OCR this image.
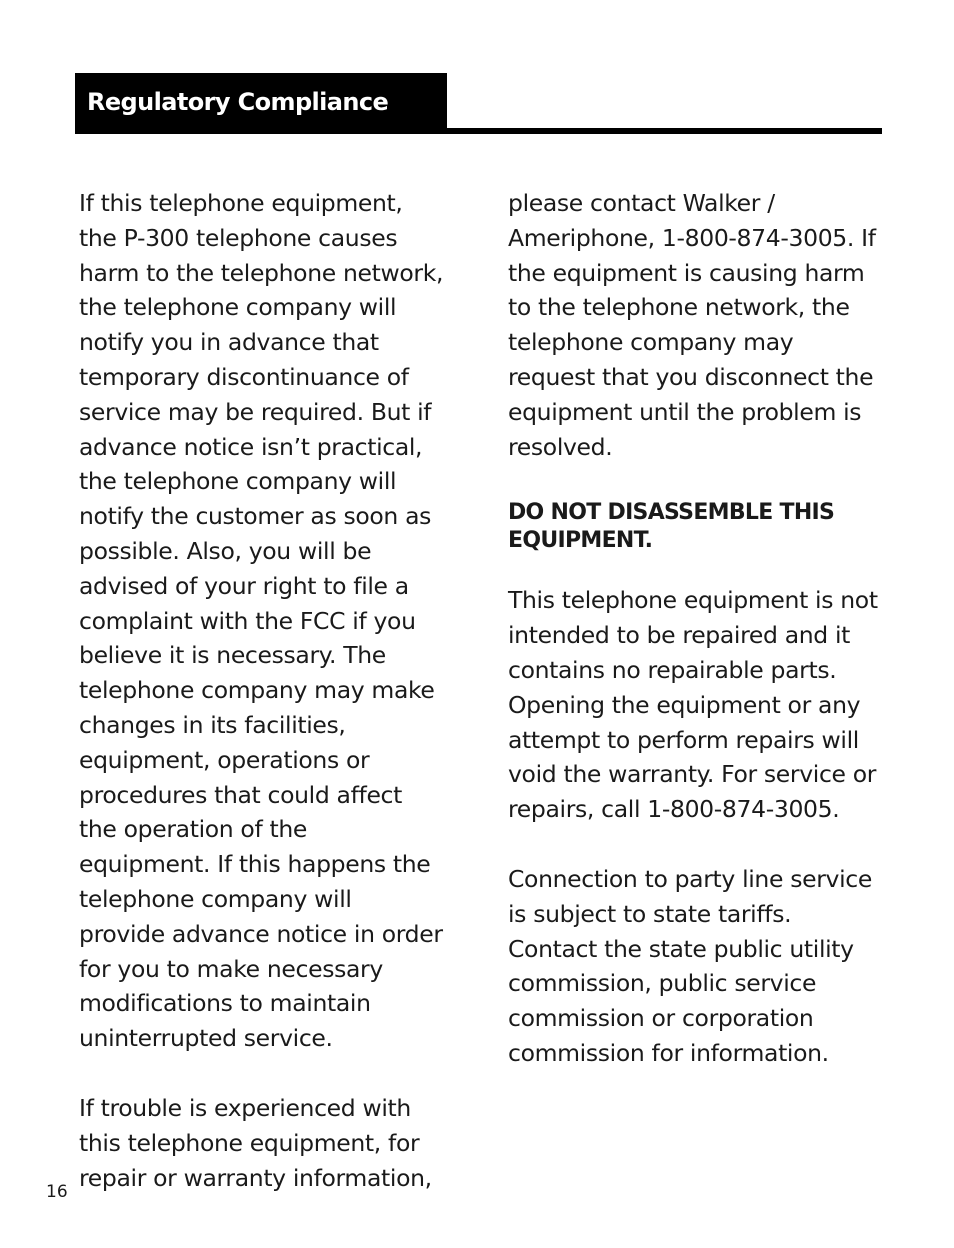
Regulatory Compliance

If this telephone equipment, the P-300 telephone causes harm to the telephone network, the telephone company will notify you in advance that temporary discontinuance of service may be required. But if advance notice isn’t practical, the telephone company will notify the customer as soon as possible. Also, you will be advised of your right to file a complaint with the FCC if you believe it is necessary. The telephone company may make changes in its facilities, equipment, operations or procedures that could affect the operation of the equipment. If this happens the telephone company will provide advance notice in order for you to make necessary modifications to maintain uninterrupted service.

If trouble is experienced with this telephone equipment, for repair or warranty information,

please contact Walker / Ameriphone, 1-800-874-3005. If the equipment is causing harm to the telephone network, the telephone company may request that you disconnect the equipment until the problem is resolved.

DO NOT DISASSEMBLE THIS EQUIPMENT.

This telephone equipment is not intended to be repaired and it contains no repairable parts. Opening the equipment or any attempt to perform repairs will void the warranty. For service or repairs, call 1-800-874-3005.

Connection to party line service is subject to state tariffs. Contact the state public utility commission, public service commission or corporation commission for information.

16
